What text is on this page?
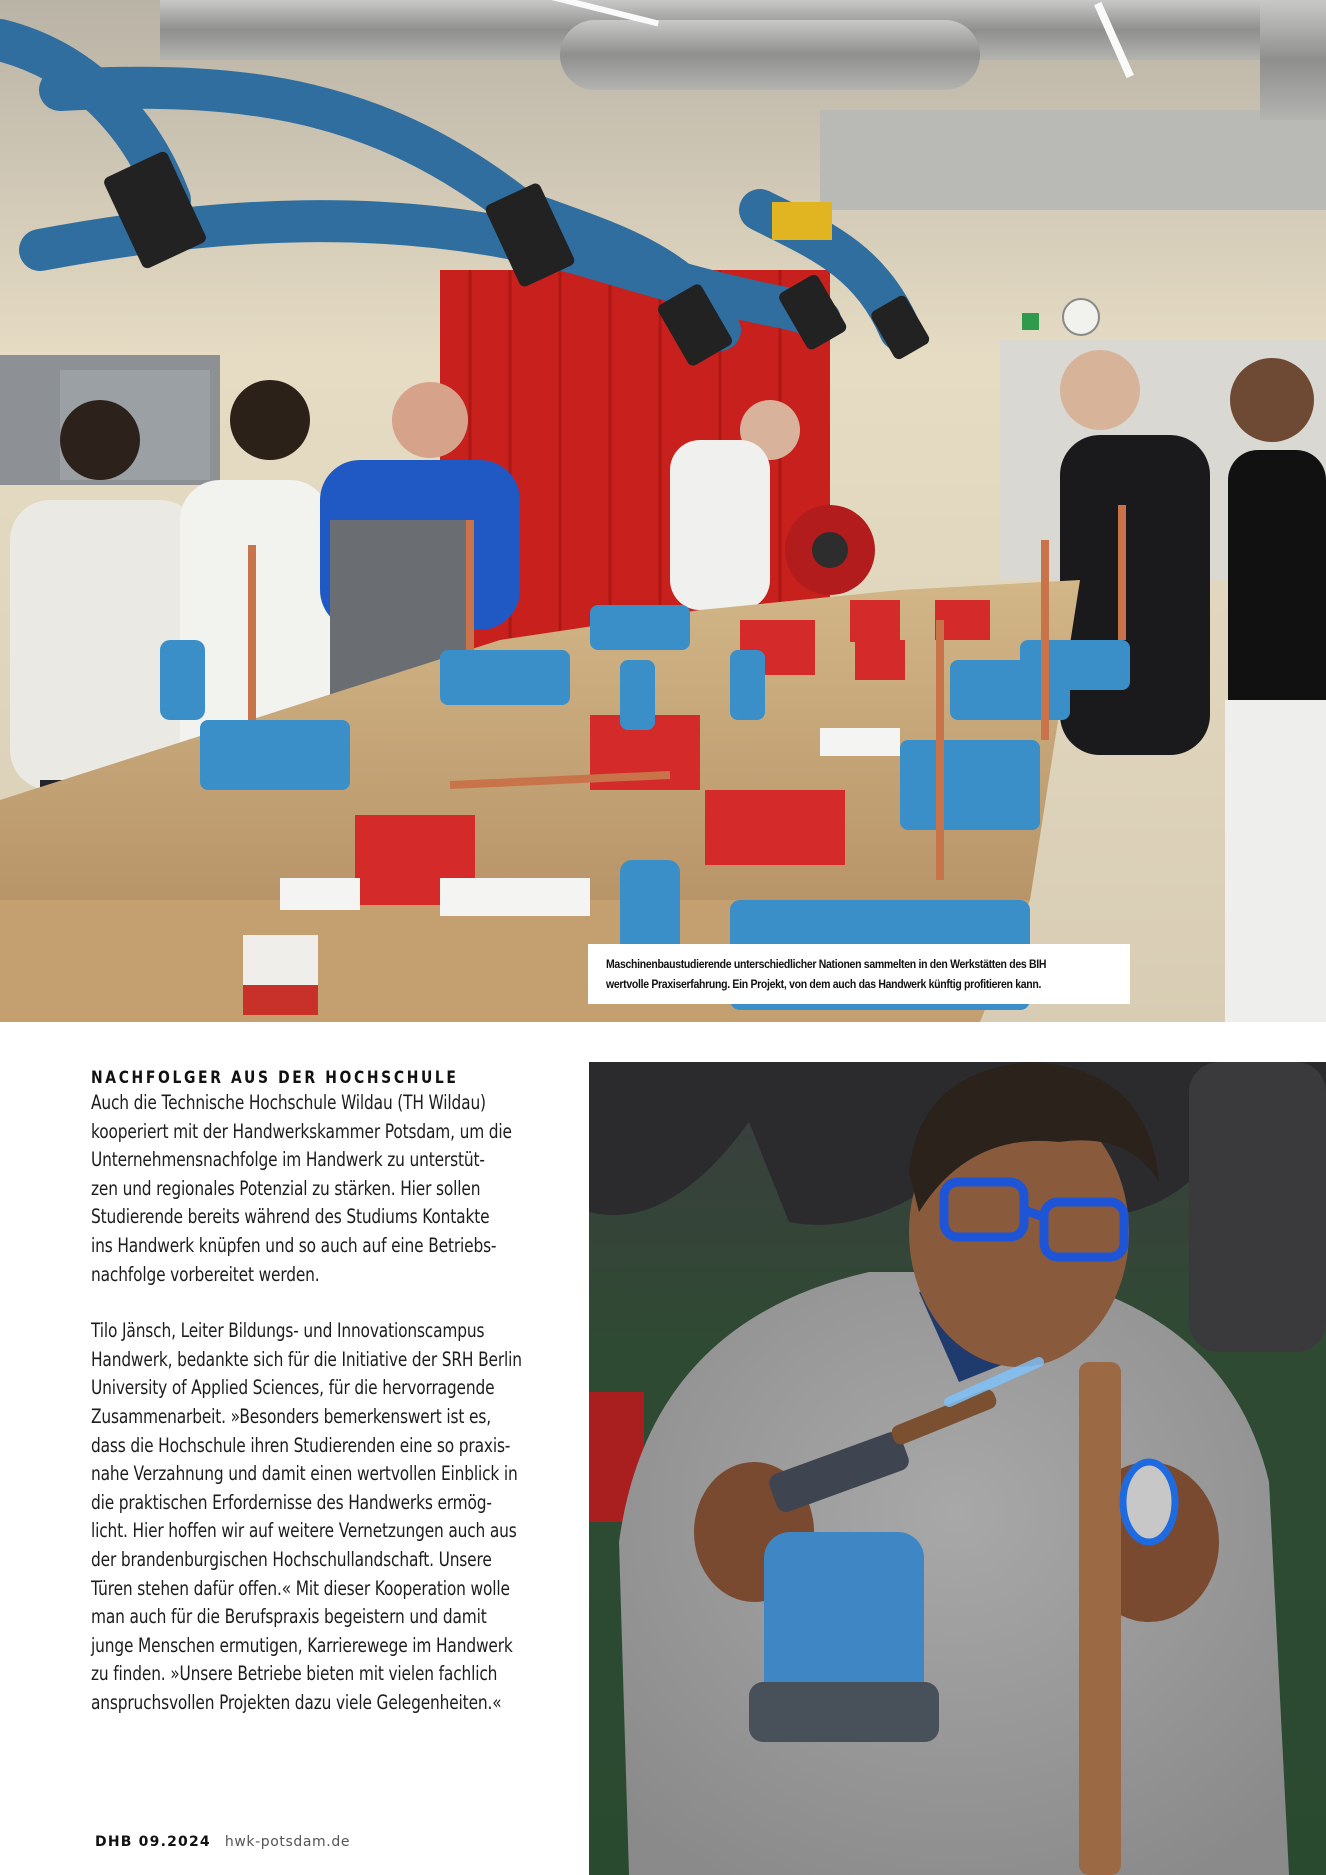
Maschinenbaustudierende unterschiedlicher Nationen sammelten in den Werkstätten des BIH

wertvolle Praxiserfahrung. Ein Projekt, von dem auch das Handwerk künftig profitieren kann.

NACHFOLGER AUS DER HOCHSCHULE

Auch die Technische Hochschule Wildau (TH Wildau)
kooperiert mit der Handwerkskammer Potsdam, um die
Unternehmensnachfolge im Handwerk zu unterstüt-
zen und regionales Potenzial zu stärken. Hier sollen
Studierende bereits während des Studiums Kontakte
ins Handwerk knüpfen und so auch auf eine Betriebs-
nachfolge vorbereitet werden.

Tilo Jänsch, Leiter Bildungs- und Innovationscampus
Handwerk, bedankte sich für die Initiative der SRH Berlin
University of Applied Sciences, für die hervorragende
Zusammenarbeit. »Besonders bemerkenswert ist es,
dass die Hochschule ihren Studierenden eine so praxis-
nahe Verzahnung und damit einen wertvollen Einblick in
die praktischen Erfordernisse des Handwerks ermög-
licht. Hier hoffen wir auf weitere Vernetzungen auch aus
der brandenburgischen Hochschullandschaft. Unsere
Türen stehen dafür offen.« Mit dieser Kooperation wolle
man auch für die Berufspraxis begeistern und damit
junge Menschen ermutigen, Karrierewege im Handwerk
zu finden. »Unsere Betriebe bieten mit vielen fachlich
anspruchsvollen Projekten dazu viele Gelegenheiten.«

DHB 09.2024 hwk-potsdam.de
